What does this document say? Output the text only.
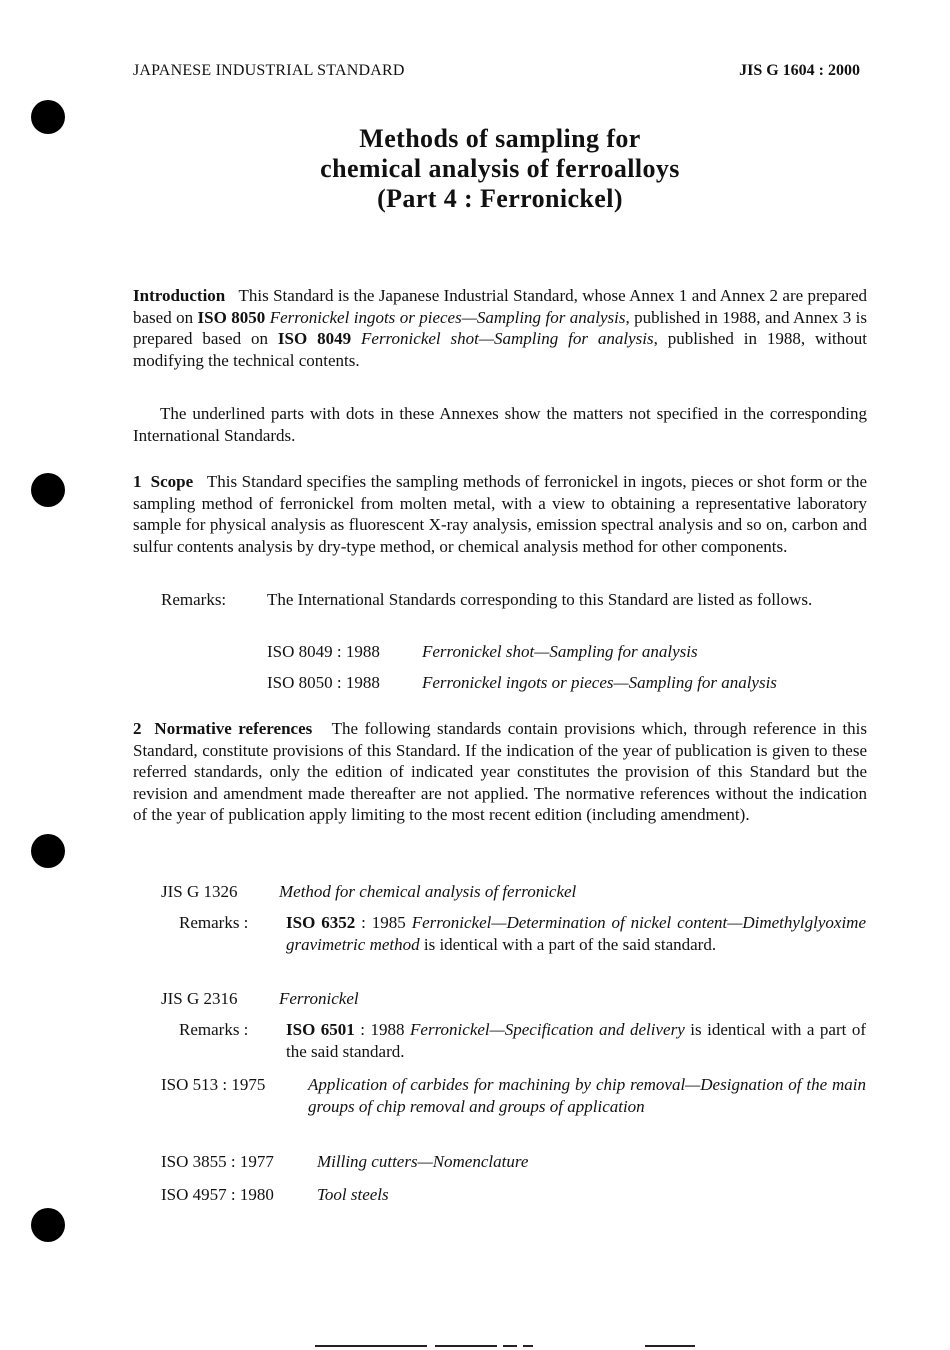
JAPANESE INDUSTRIAL STANDARD	JIS G 1604 : 2000
Methods of sampling for
chemical analysis of ferroalloys
(Part 4 : Ferronickel)
Introduction This Standard is the Japanese Industrial Standard, whose Annex 1 and Annex 2 are prepared based on ISO 8050 Ferronickel ingots or pieces—Sampling for analysis, published in 1988, and Annex 3 is prepared based on ISO 8049 Ferronickel shot—Sampling for analysis, published in 1988, without modifying the technical contents.
The underlined parts with dots in these Annexes show the matters not specified in the corresponding International Standards.
1 Scope This Standard specifies the sampling methods of ferronickel in ingots, pieces or shot form or the sampling method of ferronickel from molten metal, with a view to obtaining a representative laboratory sample for physical analysis as fluorescent X-ray analysis, emission spectral analysis and so on, carbon and sulfur contents analysis by dry-type method, or chemical analysis method for other components.
Remarks: The International Standards corresponding to this Standard are listed as follows.
ISO 8049 : 1988 Ferronickel shot—Sampling for analysis
ISO 8050 : 1988 Ferronickel ingots or pieces—Sampling for analysis
2 Normative references The following standards contain provisions which, through reference in this Standard, constitute provisions of this Standard. If the indication of the year of publication is given to these referred standards, only the edition of indicated year constitutes the provision of this Standard but the revision and amendment made thereafter are not applied. The normative references without the indication of the year of publication apply limiting to the most recent edition (including amendment).
JIS G 1326 Method for chemical analysis of ferronickel
Remarks : ISO 6352 : 1985 Ferronickel—Determination of nickel content—Dimethylglyoxime gravimetric method is identical with a part of the said standard.
JIS G 2316 Ferronickel
Remarks : ISO 6501 : 1988 Ferronickel—Specification and delivery is identical with a part of the said standard.
ISO 513 : 1975	Application of carbides for machining by chip removal—Designation of the main groups of chip removal and groups of application
ISO 3855 : 1977	Milling cutters—Nomenclature
ISO 4957 : 1980	Tool steels
